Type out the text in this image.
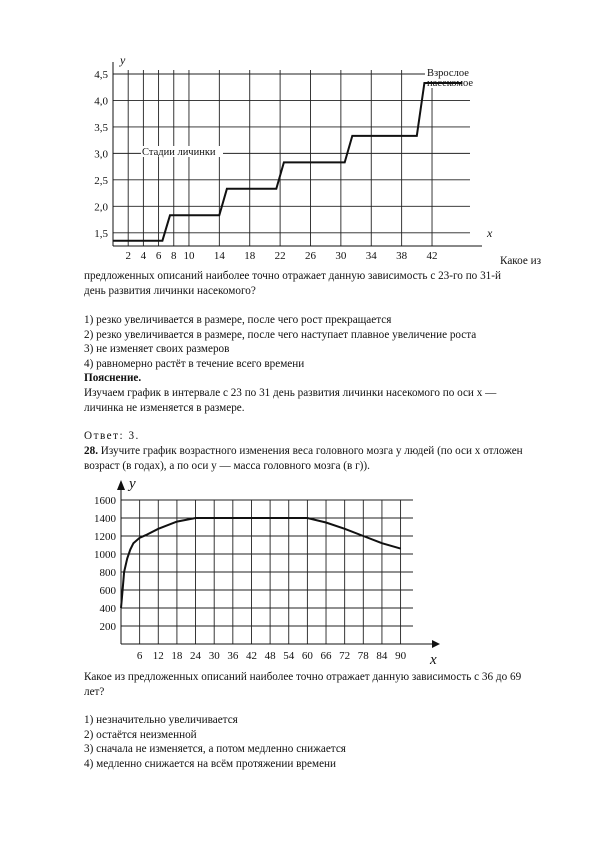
1,5
2,0
2,5
3,0
3,5
4,0
4,5
2 4 6 8 10 14 18 22 26 30 34 38 42
y
x
Стадии личинки
Взрослое
насекомое
Какое из
предложенных описаний наиболее точно отражает данную зависимость с 23-го по 31-й день развития личинки насекомого?
1) резко увеличивается в размере, после чего рост прекращается
2) резко увеличивается в размере, после чего наступает плавное увеличение роста
3) не изменяет своих размеров
4) равномерно растёт в течение всего времени
Пояснение.
Изучаем график в интервале с 23 по 31 день развития личинки насекомого по оси x — личинка не изменяется в размере.
Ответ: 3.
28. Изучите график возрастного изменения веса головного мозга у людей (по оси x отложен возраст (в годах), а по оси y — масса головного мозга (в г)).
200
400
600
800
1000
1200
1400
1600
6 12 18 24 30 36 42 48 54 60 66 72 78 84 90
y
x
Какое из предложенных описаний наиболее точно отражает данную зависимость с 36 до 69 лет?
1) незначительно увеличивается
2) остаётся неизменной
3) сначала не изменяется, а потом медленно снижается
4) медленно снижается на всём протяжении времени
